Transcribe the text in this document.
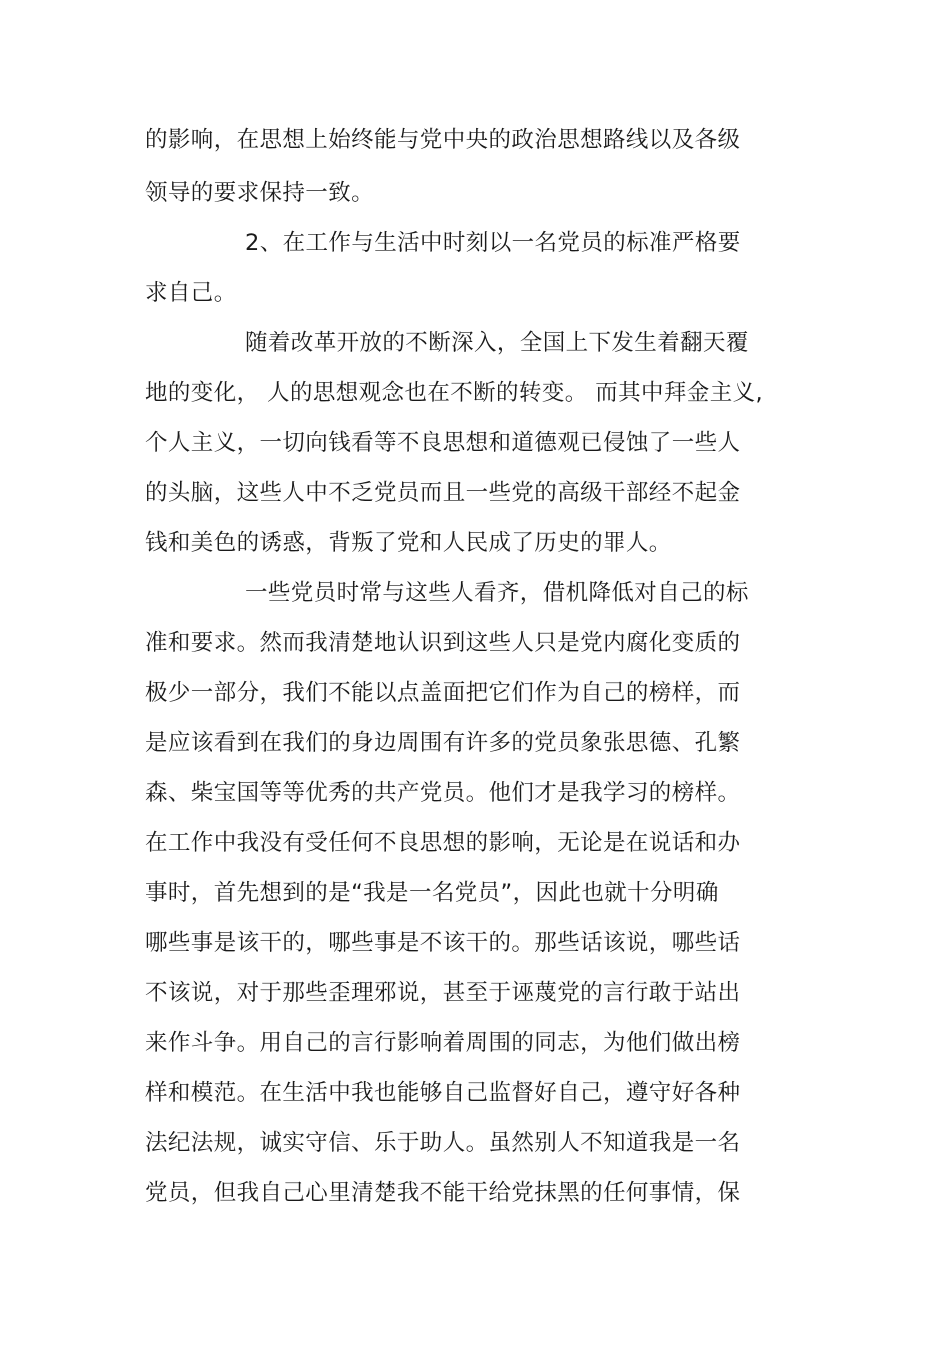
的影响，在思想上始终能与党中央的政治思想路线以及各级
领导的要求保持一致。
2、在工作与生活中时刻以一名党员的标准严格要
求自己。
随着改革开放的不断深入，全国上下发生着翻天覆
地的变化， 人的思想观念也在不断的转变。 而其中拜金主义,
个人主义，一切向钱看等不良思想和道德观已侵蚀了一些人
的头脑，这些人中不乏党员而且一些党的高级干部经不起金
钱和美色的诱惑，背叛了党和人民成了历史的罪人。
一些党员时常与这些人看齐，借机降低对自己的标
准和要求。然而我清楚地认识到这些人只是党内腐化变质的
极少一部分，我们不能以点盖面把它们作为自己的榜样，而
是应该看到在我们的身边周围有许多的党员象张思德、孔繁
森、柴宝国等等优秀的共产党员。他们才是我学习的榜样。
在工作中我没有受任何不良思想的影响，无论是在说话和办
事时，首先想到的是“我是一名党员”，因此也就十分明确
哪些事是该干的，哪些事是不该干的。那些话该说，哪些话
不该说，对于那些歪理邪说，甚至于诬蔑党的言行敢于站出
来作斗争。用自己的言行影响着周围的同志，为他们做出榜
样和模范。在生活中我也能够自己监督好自己，遵守好各种
法纪法规，诚实守信、乐于助人。虽然别人不知道我是一名
党员，但我自己心里清楚我不能干给党抹黑的任何事情，保
